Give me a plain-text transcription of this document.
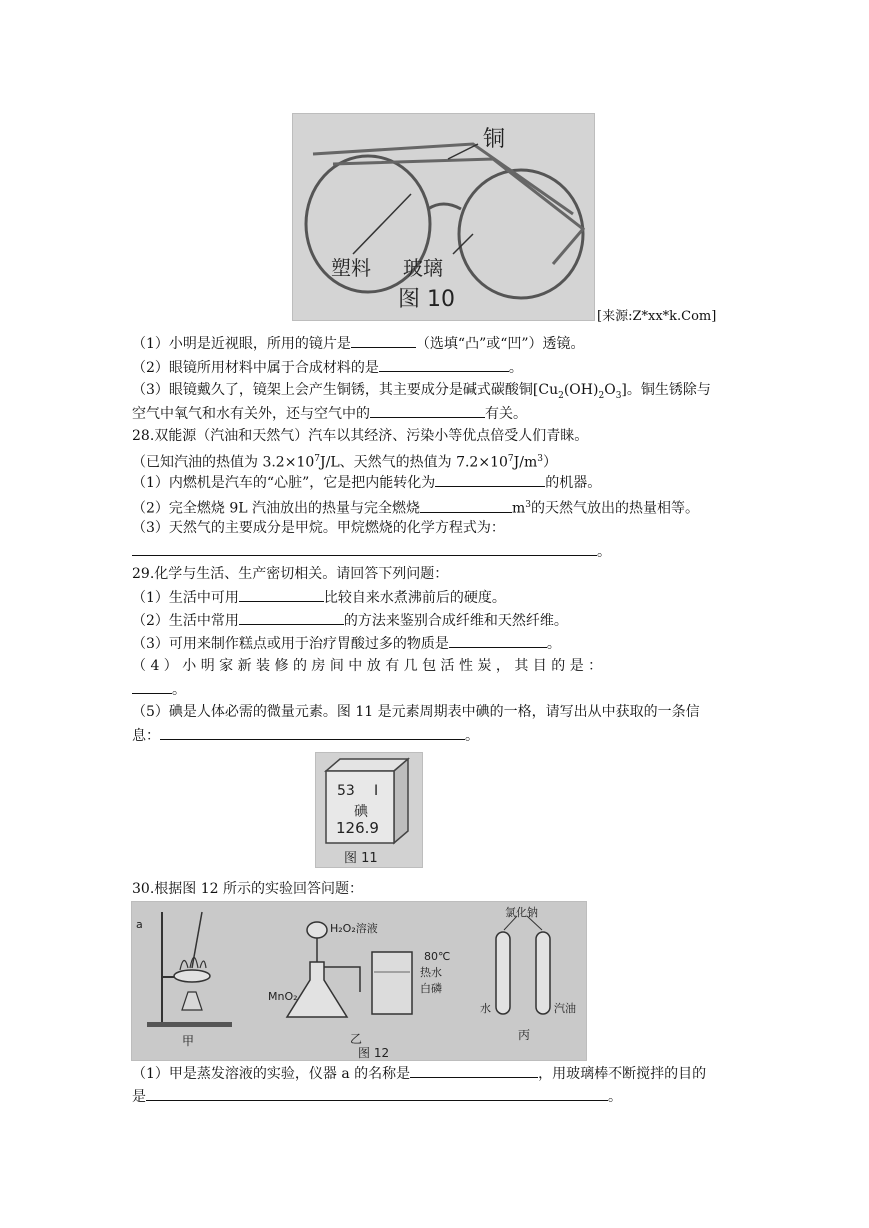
铜
塑料 玻璃
图 10
[来源:Z*xx*k.Com]
（1）小明是近视眼，所用的镜片是	（选填“凸”或“凹”）透镜。
（2）眼镜所用材料中属于合成材料的是	。
（3）眼镜戴久了，镜架上会产生铜锈，其主要成分是碱式碳酸铜$[Cu_2(OH)_2O_3]$。铜生锈除与
空气中氧气和水有关外，还与空气中的	有关。
28.双能源（汽油和天然气）汽车以其经济、污染小等优点倍受人们青睐。
（已知汽油的热值为 $3.2\times 10^7J/L$、天然气的热值为 $7.2\times 10^7J/m^3$）
（1）内燃机是汽车的“心脏”，它是把内能转化为	的机器。
（2）完全燃烧 9L 汽油放出的热量与完全燃烧	$m^3$的天然气放出的热量相等。
（3）天然气的主要成分是甲烷。甲烷燃烧的化学方程式为：
。
29.化学与生活、生产密切相关。请回答下列问题：
（1）生活中可用	比较自来水煮沸前后的硬度。
（2）生活中常用	的方法来鉴别合成纤维和天然纤维。
（3）可用来制作糕点或用于治疗胃酸过多的物质是	。
（ 4 ） 小 明 家 新 装 修 的 房 间 中 放 有 几 包 活 性 炭 ， 其 目 的 是 ：
。
（5）碘是人体必需的微量元素。图 11 是元素周期表中碘的一格，请写出从中获取的一条信
息：	。
53 I
碘
126.9
图 11
30.根据图 12 所示的实验回答问题：
a
甲
H₂O₂溶液
MnO₂
80℃
热水
白磷
乙
图 12
氯化钠
水	汽油
丙
（1）甲是蒸发溶液的实验，仪器 a 的名称是	，用玻璃棒不断搅拌的目的
是	。
